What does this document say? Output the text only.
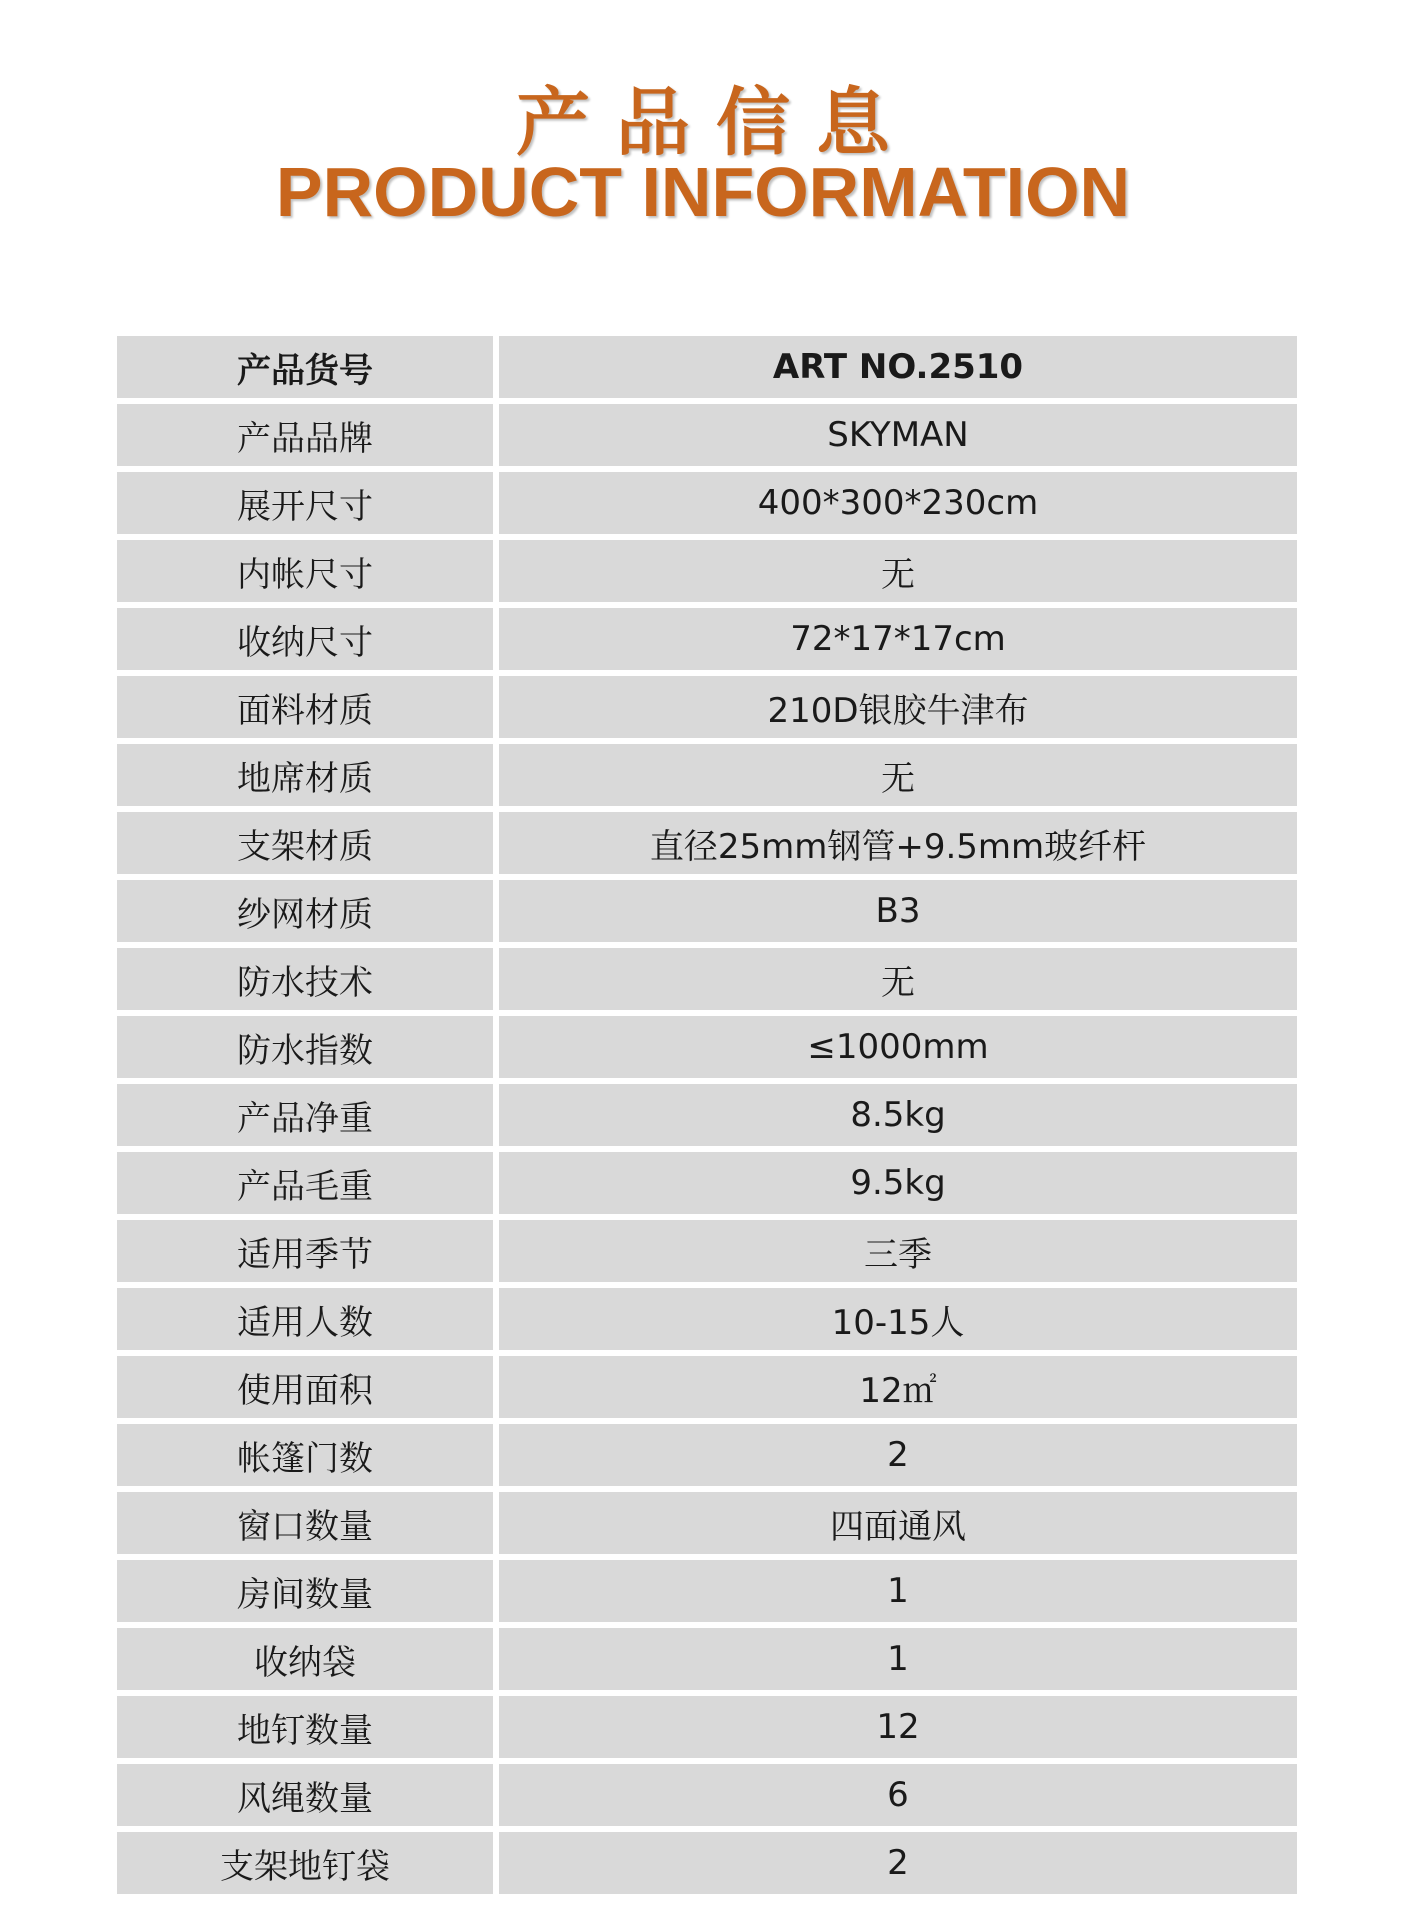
产品信息
PRODUCT INFORMATION
产品货号	ART NO.2510
产品品牌	SKYMAN
展开尺寸	400*300*230cm
内帐尺寸	无
收纳尺寸	72*17*17cm
面料材质	210D银胶牛津布
地席材质	无
支架材质	直径25mm钢管+9.5mm玻纤杆
纱网材质	B3
防水技术	无
防水指数	≤1000mm
产品净重	8.5kg
产品毛重	9.5kg
适用季节	三季
适用人数	10-15人
使用面积	12㎡
帐篷门数	2
窗口数量	四面通风
房间数量	1
收纳袋	1
地钉数量	12
风绳数量	6
支架地钉袋	2
